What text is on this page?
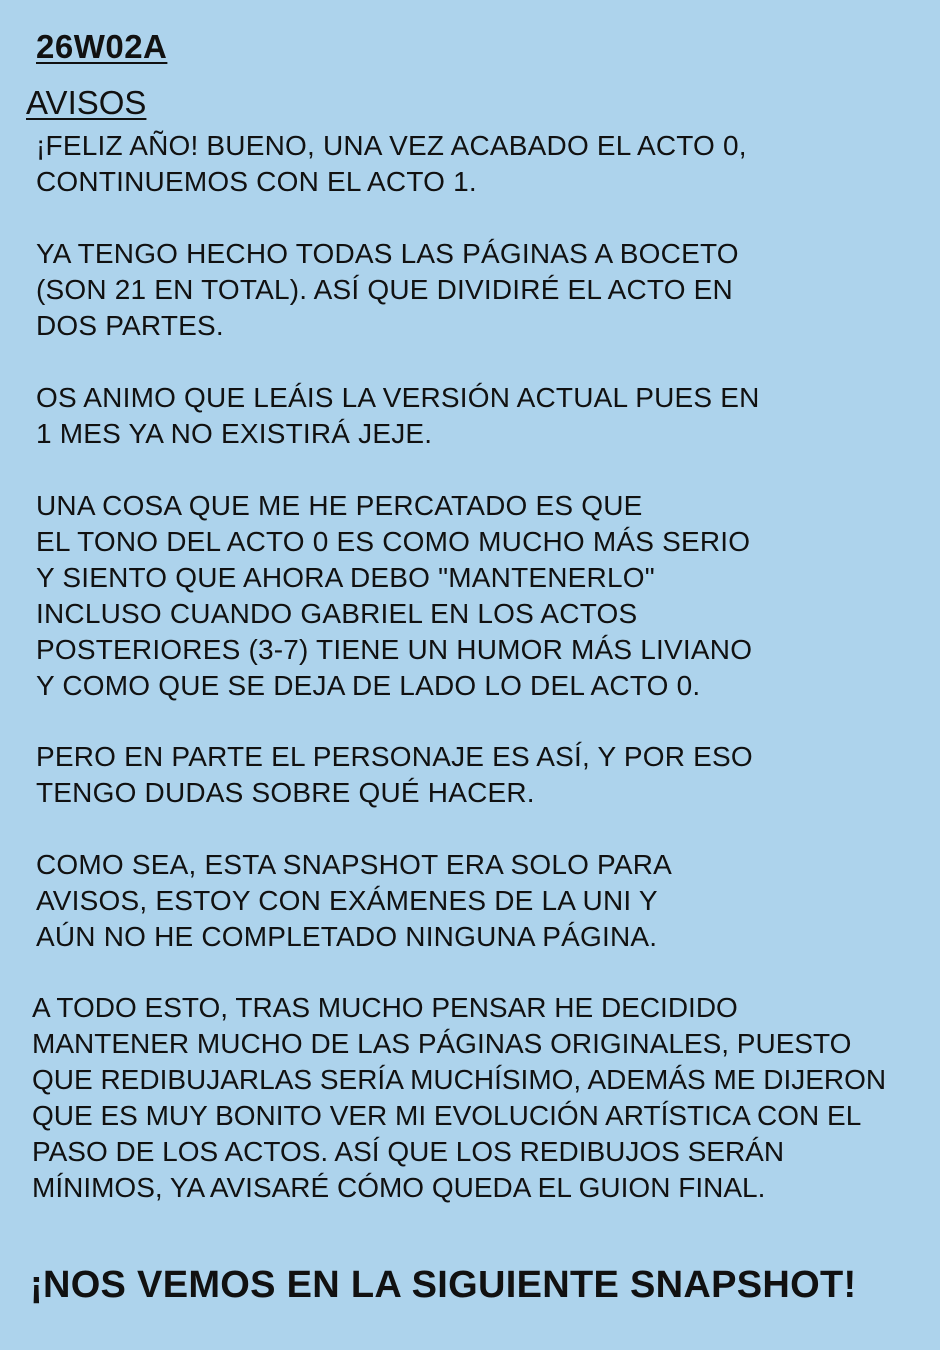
26W02A
AVISOS
¡FELIZ AÑO! BUENO, UNA VEZ ACABADO EL ACTO 0,
CONTINUEMOS CON EL ACTO 1.
YA TENGO HECHO TODAS LAS PÁGINAS A BOCETO
(SON 21 EN TOTAL). ASÍ QUE DIVIDIRÉ EL ACTO EN
DOS PARTES.
OS ANIMO QUE LEÁIS LA VERSIÓN ACTUAL PUES EN
1 MES YA NO EXISTIRÁ JEJE.
UNA COSA QUE ME HE PERCATADO ES QUE
EL TONO DEL ACTO 0 ES COMO MUCHO MÁS SERIO
Y SIENTO QUE AHORA DEBO "MANTENERLO"
INCLUSO CUANDO GABRIEL EN LOS ACTOS
POSTERIORES (3-7) TIENE UN HUMOR MÁS LIVIANO
Y COMO QUE SE DEJA DE LADO LO DEL ACTO 0.
PERO EN PARTE EL PERSONAJE ES ASÍ, Y POR ESO
TENGO DUDAS SOBRE QUÉ HACER.
COMO SEA, ESTA SNAPSHOT ERA SOLO PARA
AVISOS, ESTOY CON EXÁMENES DE LA UNI Y
AÚN NO HE COMPLETADO NINGUNA PÁGINA.
A TODO ESTO, TRAS MUCHO PENSAR HE DECIDIDO
MANTENER MUCHO DE LAS PÁGINAS ORIGINALES, PUESTO
QUE REDIBUJARLAS SERÍA MUCHÍSIMO, ADEMÁS ME DIJERON
QUE ES MUY BONITO VER MI EVOLUCIÓN ARTÍSTICA CON EL
PASO DE LOS ACTOS. ASÍ QUE LOS REDIBUJOS SERÁN
MÍNIMOS, YA AVISARÉ CÓMO QUEDA EL GUION FINAL.
¡NOS VEMOS EN LA SIGUIENTE SNAPSHOT!
